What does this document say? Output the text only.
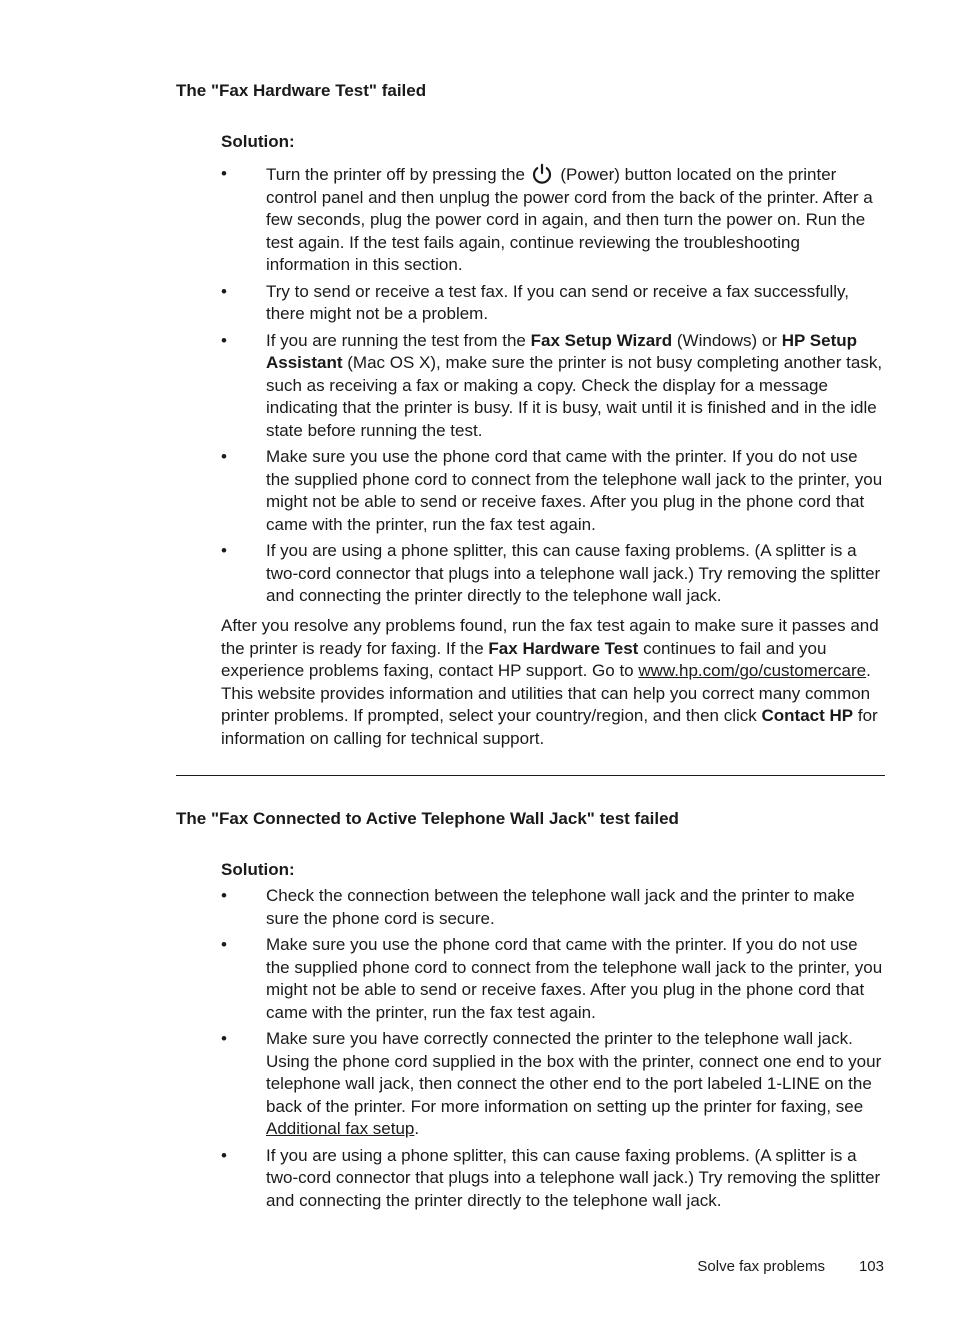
The "Fax Hardware Test" failed

Solution:

• Turn the printer off by pressing the (Power) button located on the printer control panel and then unplug the power cord from the back of the printer. After a few seconds, plug the power cord in again, and then turn the power on. Run the test again. If the test fails again, continue reviewing the troubleshooting information in this section.
• Try to send or receive a test fax. If you can send or receive a fax successfully, there might not be a problem.
• If you are running the test from the Fax Setup Wizard (Windows) or HP Setup Assistant (Mac OS X), make sure the printer is not busy completing another task, such as receiving a fax or making a copy. Check the display for a message indicating that the printer is busy. If it is busy, wait until it is finished and in the idle state before running the test.
• Make sure you use the phone cord that came with the printer. If you do not use the supplied phone cord to connect from the telephone wall jack to the printer, you might not be able to send or receive faxes. After you plug in the phone cord that came with the printer, run the fax test again.
• If you are using a phone splitter, this can cause faxing problems. (A splitter is a two-cord connector that plugs into a telephone wall jack.) Try removing the splitter and connecting the printer directly to the telephone wall jack.

After you resolve any problems found, run the fax test again to make sure it passes and the printer is ready for faxing. If the Fax Hardware Test continues to fail and you experience problems faxing, contact HP support. Go to www.hp.com/go/customercare. This website provides information and utilities that can help you correct many common printer problems. If prompted, select your country/region, and then click Contact HP for information on calling for technical support.

The "Fax Connected to Active Telephone Wall Jack" test failed

Solution:

• Check the connection between the telephone wall jack and the printer to make sure the phone cord is secure.
• Make sure you use the phone cord that came with the printer. If you do not use the supplied phone cord to connect from the telephone wall jack to the printer, you might not be able to send or receive faxes. After you plug in the phone cord that came with the printer, run the fax test again.
• Make sure you have correctly connected the printer to the telephone wall jack. Using the phone cord supplied in the box with the printer, connect one end to your telephone wall jack, then connect the other end to the port labeled 1-LINE on the back of the printer. For more information on setting up the printer for faxing, see Additional fax setup.
• If you are using a phone splitter, this can cause faxing problems. (A splitter is a two-cord connector that plugs into a telephone wall jack.) Try removing the splitter and connecting the printer directly to the telephone wall jack.
Solve fax problems 103
